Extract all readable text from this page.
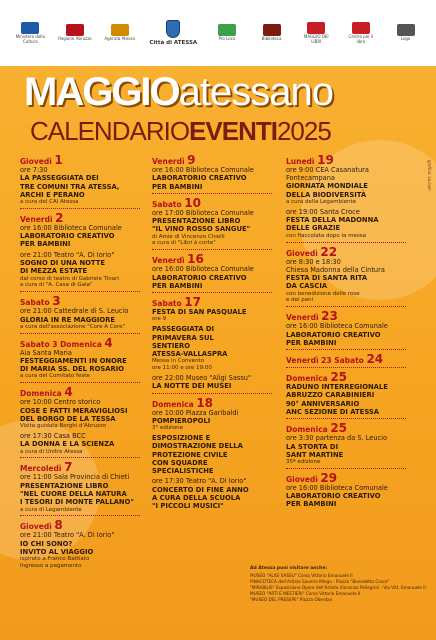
Ministero della Cultura	Regione Abruzzo	Agenzia Atessa
Città di ATESSA
Pro Loco	Biblioteca	MAGGIO DEI LIBRI
Centro per il libro	Logo
MAGGIOatessano
CALENDARIOEVENTI2025
grafica: sa.com
Giovedì 1
ore 7:30
LA PASSEGGIATA DEI
TRE COMUNI TRA ATESSA,
ARCHI E PERANO
a cura del CAI Atessa
Venerdì 2
ore 16:00 Biblioteca Comunale
LABORATORIO CREATIVO
PER BAMBINI
ore 21:00 Teatro "A. Di Iorio"
SOGNO DI UNA NOTTE
DI MEZZA ESTATE
dal corso di teatro di Gabriele Tinari
a cura di "A. Casa di Gaia"
Sabato 3
ore 21:00 Cattedrale di S. Leucio
GLORIA IN RE MAGGIORE
a cura dell'associazione "Core A Core"
Sabato 3 Domenica 4
Aia Santa Maria
FESTEGGIAMENTI IN ONORE
DI MARIA SS. DEL ROSARIO
a cura del Comitato feste
Domenica 4
ore 10:00 Centro storico
COSE E FATTI MERAVIGLIOSI
DEL BORGO DE LA TESSA
Visita guidata Borghi d'Abruzzo
ore 17:30 Casa BCC
LA DONNA E LA SCIENZA
a cura di Unitre Atessa
Mercoledì 7
ore 11:00 Sala Provincia di Chieti
PRESENTAZIONE LIBRO
"NEL CUORE DELLA NATURA
I TESORI DI MONTE PALLANO"
a cura di Legambiente
Giovedì 8
ore 21:00 Teatro "A. Di Iorio"
IO CHI SONO?
INVITO AL VIAGGIO
ispirato a Franco Battiato
Ingresso a pagamento
Venerdì 9
ore 16:00 Biblioteca Comunale
LABORATORIO CREATIVO
PER BAMBINI
Sabato 10
ore 17:00 Biblioteca Comunale
PRESENTAZIONE LIBRO
"IL VINO ROSSO SANGUE"
di Amie di Vincenzo Chielli
a cura di "Libri à corte"
Venerdì 16
ore 16:00 Biblioteca Comunale
LABORATORIO CREATIVO
PER BAMBINI
Sabato 17
FESTA DI SAN PASQUALE
ore 9
PASSEGGIATA DI
PRIMAVERA SUL
SENTIERO
ATESSA-VALLASPRA
Messa in Convento
ore 11:00 e ore 19:00
ore 22:00 Museo "Aligi Sassu"
LA NOTTE DEI MUSEI
Domenica 18
ore 10:00 Piazza Garibaldi
POMPIEROPOLI
3° edizione
ESPOSIZIONE E
DIMOSTRAZIONE DELLA
PROTEZIONE CIVILE
CON SQUADRE
SPECIALISTICHE
ore 17:30 Teatro "A. Di Iorio"
CONCERTO DI FINE ANNO
A CURA DELLA SCUOLA
"I PICCOLI MUSICI"
Lunedì 19
ore 9:00 CEA Casanatura
Fontecampana
GIORNATA MONDIALE
DELLA BIODIVERSITÀ
a cura della Legambiente
ore 19:00 Santa Croce
FESTA DELLA MADONNA
DELLE GRAZIE
con fiaccolata dopo la messa
Giovedì 22
ore 8:30 e 18:30
Chiesa Madonna della Cintura
FESTA DI SANTA RITA
DA CASCIA
con benedizione delle rose
e dei pani
Venerdì 23
ore 16:00 Biblioteca Comunale
LABORATORIO CREATIVO
PER BAMBINI
Venerdì 23 Sabato 24
Domenica 25
RADUNO INTERREGIONALE
ABRUZZO CARABINIERI
90° ANNIVERSARIO
ANC SEZIONE DI ATESSA
Domenica 25
ore 3:30 partenza da S. Leucio
LA STORTA DI
SANT MARTINE
35ª edizione
Giovedì 29
ore 16:00 Biblioteca Comunale
LABORATORIO CREATIVO
PER BAMBINI
Ad Atessa puoi visitare anche:
MUSEO "ALIGI SASSU" Corso Vittorio Emanuele II
PINACOTECA dell'Artista Saverio Mingo - Piazza "Benedetto Croce"
"MIRABILIS" Esposizione Opere dell'Artista Vincenzo Pellegrini - Via Vitt. Emanuele II
MUSEO "ARTI E MESTIERI" Corso Vittorio Emanuele II
"MUSEO DEL PRESEPE" Piazza Oberdan
